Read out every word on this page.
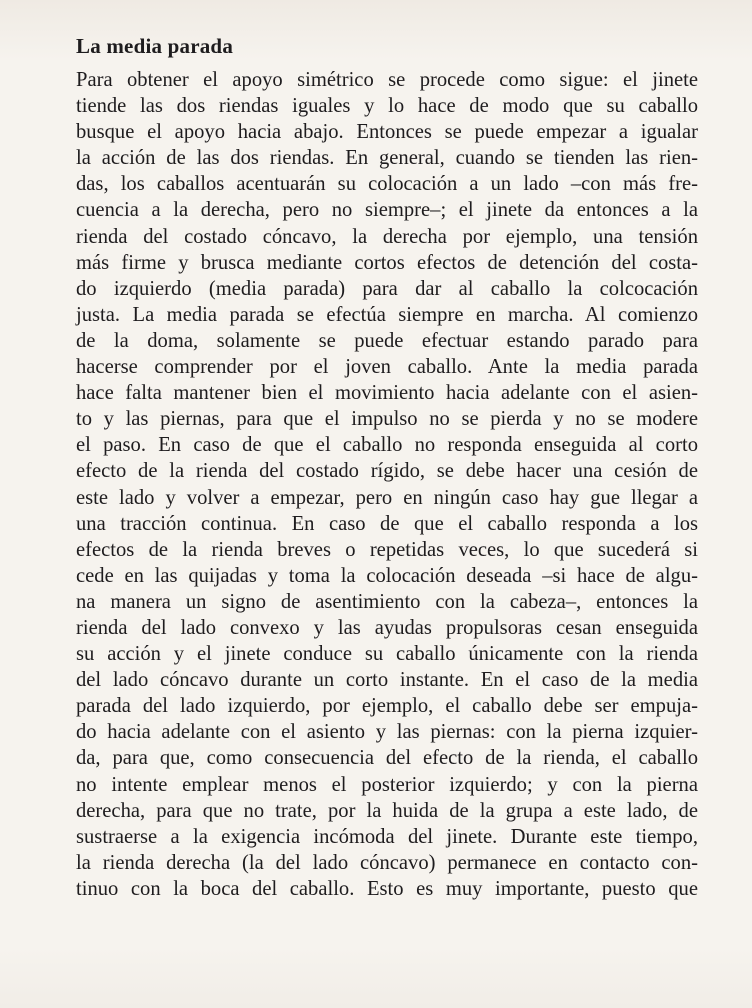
La media parada
Para obtener el apoyo simétrico se procede como sigue: el jinete
tiende las dos riendas iguales y lo hace de modo que su caballo
busque el apoyo hacia abajo. Entonces se puede empezar a igualar
la acción de las dos riendas. En general, cuando se tienden las rien-
das, los caballos acentuarán su colocación a un lado –con más fre-
cuencia a la derecha, pero no siempre–; el jinete da entonces a la
rienda del costado cóncavo, la derecha por ejemplo, una tensión
más firme y brusca mediante cortos efectos de detención del costa-
do izquierdo (media parada) para dar al caballo la colcocación
justa. La media parada se efectúa siempre en marcha. Al comienzo
de la doma, solamente se puede efectuar estando parado para
hacerse comprender por el joven caballo. Ante la media parada
hace falta mantener bien el movimiento hacia adelante con el asien-
to y las piernas, para que el impulso no se pierda y no se modere
el paso. En caso de que el caballo no responda enseguida al corto
efecto de la rienda del costado rígido, se debe hacer una cesión de
este lado y volver a empezar, pero en ningún caso hay gue llegar a
una tracción continua. En caso de que el caballo responda a los
efectos de la rienda breves o repetidas veces, lo que sucederá si
cede en las quijadas y toma la colocación deseada –si hace de algu-
na manera un signo de asentimiento con la cabeza–, entonces la
rienda del lado convexo y las ayudas propulsoras cesan enseguida
su acción y el jinete conduce su caballo únicamente con la rienda
del lado cóncavo durante un corto instante. En el caso de la media
parada del lado izquierdo, por ejemplo, el caballo debe ser empuja-
do hacia adelante con el asiento y las piernas: con la pierna izquier-
da, para que, como consecuencia del efecto de la rienda, el caballo
no intente emplear menos el posterior izquierdo; y con la pierna
derecha, para que no trate, por la huida de la grupa a este lado, de
sustraerse a la exigencia incómoda del jinete. Durante este tiempo,
la rienda derecha (la del lado cóncavo) permanece en contacto con-
tinuo con la boca del caballo. Esto es muy importante, puesto que
